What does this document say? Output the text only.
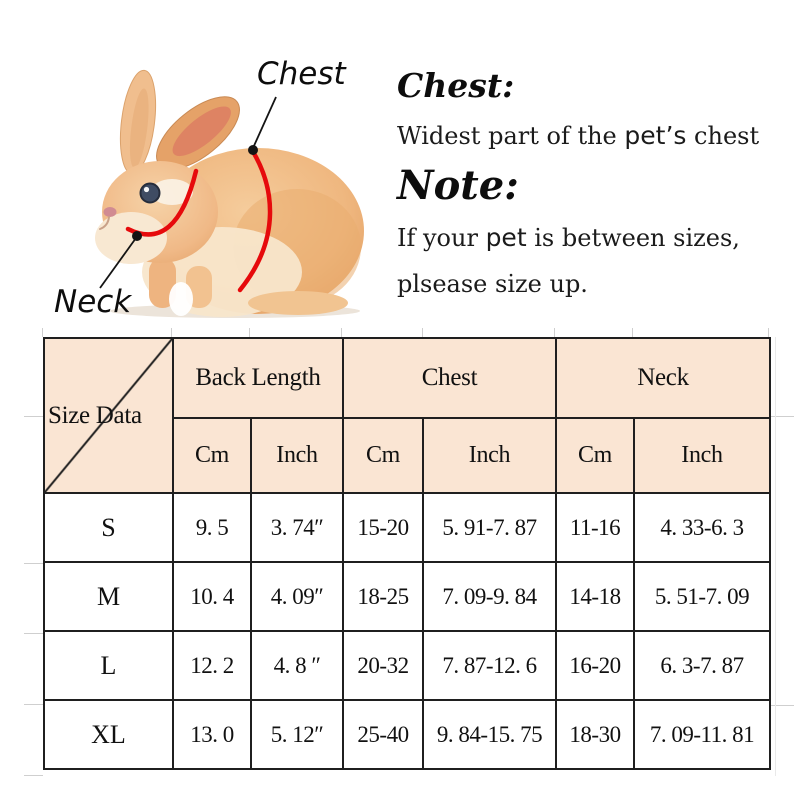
Chest
Neck
Chest:
Widest part of the pet’s chest
Note:
If your pet is between sizes,
plsease size up.
Size Data	Back Length		Chest		Neck	
	Cm	Inch	Cm	Inch	Cm	Inch
S	9. 5	3. 74″	15-20	5. 91-7. 87	11-16	4. 33-6. 3
M	10. 4	4. 09″	18-25	7. 09-9. 84	14-18	5. 51-7. 09
L	12. 2	4. 8 ″	20-32	7. 87-12. 6	16-20	6. 3-7. 87
XL	13. 0	5. 12″	25-40	9. 84-15. 75	18-30	7. 09-11. 81
